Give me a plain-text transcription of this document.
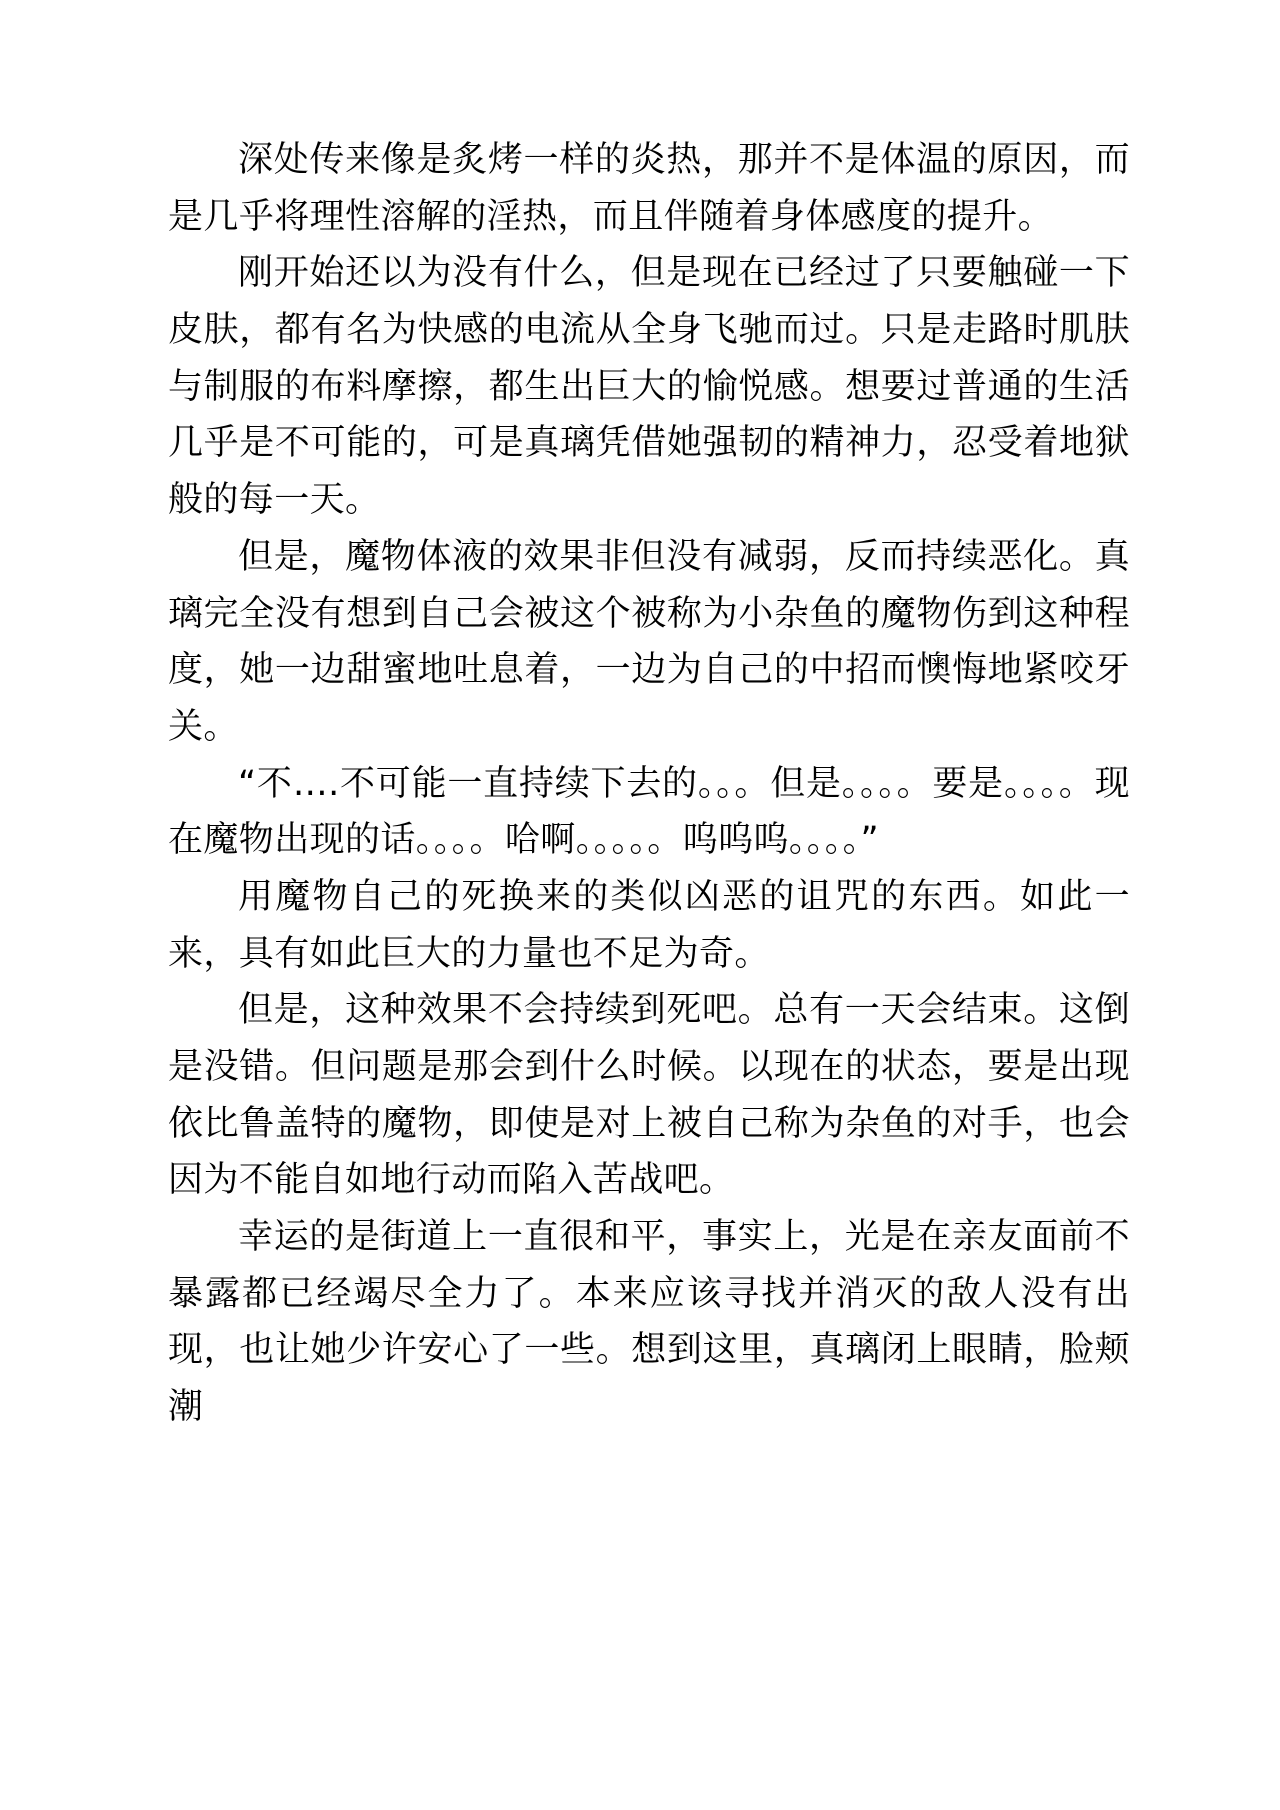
深处传来像是炙烤一样的炎热，那并不是体温的原因，而是几乎将理性溶解的淫热，而且伴随着身体感度的提升。

刚开始还以为没有什么，但是现在已经过了只要触碰一下皮肤，都有名为快感的电流从全身飞驰而过。只是走路时肌肤与制服的布料摩擦，都生出巨大的愉悦感。想要过普通的生活几乎是不可能的，可是真璃凭借她强韧的精神力，忍受着地狱般的每一天。

但是，魔物体液的效果非但没有减弱，反而持续恶化。真璃完全没有想到自己会被这个被称为小杂鱼的魔物伤到这种程度，她一边甜蜜地吐息着，一边为自己的中招而懊悔地紧咬牙关。

“不….不可能一直持续下去的。。。但是。。。。要是。。。。现在魔物出现的话。。。。哈啊。。。。。呜呜呜。。。。”

用魔物自己的死换来的类似凶恶的诅咒的东西。如此一来，具有如此巨大的力量也不足为奇。

但是，这种效果不会持续到死吧。总有一天会结束。这倒是没错。但问题是那会到什么时候。以现在的状态，要是出现依比鲁盖特的魔物，即使是对上被自己称为杂鱼的对手，也会因为不能自如地行动而陷入苦战吧。

幸运的是街道上一直很和平，事实上，光是在亲友面前不暴露都已经竭尽全力了。本来应该寻找并消灭的敌人没有出现，也让她少许安心了一些。想到这里，真璃闭上眼睛，脸颊潮
